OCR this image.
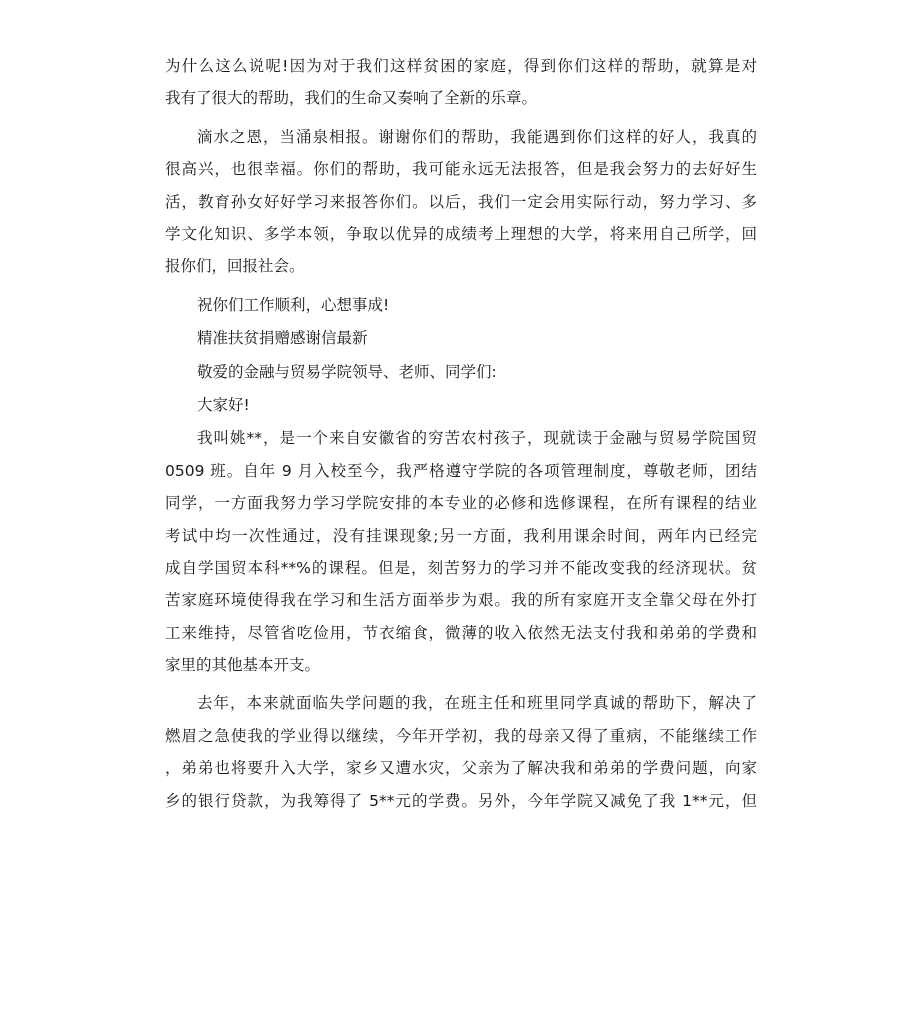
为什么这么说呢!因为对于我们这样贫困的家庭，得到你们这样的帮助，就算是对
我有了很大的帮助，我们的生命又奏响了全新的乐章。
滴水之恩，当涌泉相报。谢谢你们的帮助，我能遇到你们这样的好人，我真的
很高兴，也很幸福。你们的帮助，我可能永远无法报答，但是我会努力的去好好生
活，教育孙女好好学习来报答你们。以后，我们一定会用实际行动，努力学习、多
学文化知识、多学本领，争取以优异的成绩考上理想的大学，将来用自己所学，回
报你们，回报社会。
祝你们工作顺利，心想事成!
精准扶贫捐赠感谢信最新
敬爱的金融与贸易学院领导、老师、同学们:
大家好!
我叫姚**，是一个来自安徽省的穷苦农村孩子，现就读于金融与贸易学院国贸
0509 班。自年 9 月入校至今，我严格遵守学院的各项管理制度，尊敬老师，团结
同学，一方面我努力学习学院安排的本专业的必修和选修课程，在所有课程的结业
考试中均一次性通过，没有挂课现象;另一方面，我利用课余时间，两年内已经完
成自学国贸本科**%的课程。但是，刻苦努力的学习并不能改变我的经济现状。贫
苦家庭环境使得我在学习和生活方面举步为艰。我的所有家庭开支全靠父母在外打
工来维持，尽管省吃俭用，节衣缩食，微薄的收入依然无法支付我和弟弟的学费和
家里的其他基本开支。
去年，本来就面临失学问题的我，在班主任和班里同学真诚的帮助下，解决了
燃眉之急使我的学业得以继续，今年开学初，我的母亲又得了重病，不能继续工作
，弟弟也将要升入大学，家乡又遭水灾，父亲为了解决我和弟弟的学费问题，向家
乡的银行贷款，为我筹得了 5**元的学费。另外，今年学院又减免了我 1**元，但
